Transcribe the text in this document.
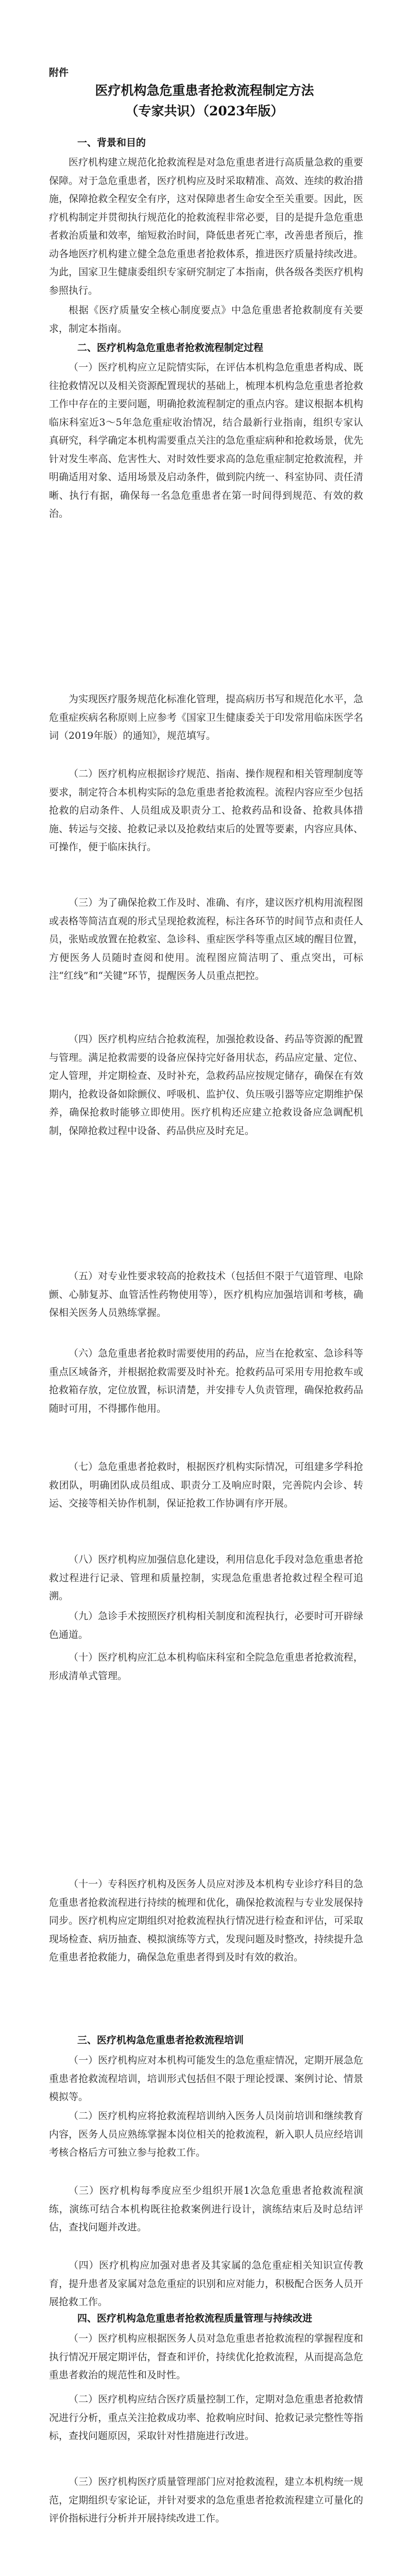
附件
医疗机构急危重患者抢救流程制定方法
（专家共识）（2023年版）
一、背景和目的

医疗机构建立规范化抢救流程是对急危重患者进行高质量急救的重要保障。对于急危重患者，医疗机构应及时采取精准、高效、连续的救治措施，保障抢救全程安全有序，这对保障患者生命安全至关重要。因此，医疗机构制定并贯彻执行规范化的抢救流程非常必要，目的是提升急危重患者救治质量和效率，缩短救治时间，降低患者死亡率，改善患者预后，推动各地医疗机构建立健全急危重患者抢救体系，推进医疗质量持续改进。为此，国家卫生健康委组织专家研究制定了本指南，供各级各类医疗机构参照执行。

根据《医疗质量安全核心制度要点》中急危重患者抢救制度有关要求，制定本指南。

二、医疗机构急危重患者抢救流程制定过程

（一）医疗机构应立足院情实际，在评估本机构急危重患者构成、既往抢救情况以及相关资源配置现状的基础上，梳理本机构急危重患者抢救工作中存在的主要问题，明确抢救流程制定的重点内容。建议根据本机构临床科室近3～5年急危重症收治情况，结合最新行业指南，组织专家认真研究，科学确定本机构需要重点关注的急危重症病种和抢救场景，优先针对发生率高、危害性大、对时效性要求高的急危重症制定抢救流程，并明确适用对象、适用场景及启动条件，做到院内统一、科室协同、责任清晰、执行有据，确保每一名急危重患者在第一时间得到规范、有效的救治。

为实现医疗服务规范化标准化管理，提高病历书写和规范化水平，急危重症疾病名称原则上应参考《国家卫生健康委关于印发常用临床医学名词（2019年版）的通知》，规范填写。

（二）医疗机构应根据诊疗规范、指南、操作规程和相关管理制度等要求，制定符合本机构实际的急危重患者抢救流程。流程内容应至少包括抢救的启动条件、人员组成及职责分工、抢救药品和设备、抢救具体措施、转运与交接、抢救记录以及抢救结束后的处置等要素，内容应具体、可操作，便于临床执行。

（三）为了确保抢救工作及时、准确、有序，建议医疗机构用流程图或表格等简洁直观的形式呈现抢救流程，标注各环节的时间节点和责任人员，张贴或放置在抢救室、急诊科、重症医学科等重点区域的醒目位置，方便医务人员随时查阅和使用。流程图应简洁明了、重点突出，可标注“红线”和“关键”环节，提醒医务人员重点把控。

（四）医疗机构应结合抢救流程，加强抢救设备、药品等资源的配置与管理。满足抢救需要的设备应保持完好备用状态，药品应定量、定位、定人管理，并定期检查、及时补充，急救药品应按规定储存，确保在有效期内，抢救设备如除颤仪、呼吸机、监护仪、负压吸引器等应定期维护保养，确保抢救时能够立即使用。医疗机构还应建立抢救设备应急调配机制，保障抢救过程中设备、药品供应及时充足。

（五）对专业性要求较高的抢救技术（包括但不限于气道管理、电除颤、心肺复苏、血管活性药物使用等），医疗机构应加强培训和考核，确保相关医务人员熟练掌握。

（六）急危重患者抢救时需要使用的药品，应当在抢救室、急诊科等重点区域备齐，并根据抢救需要及时补充。抢救药品可采用专用抢救车或抢救箱存放，定位放置，标识清楚，并安排专人负责管理，确保抢救药品随时可用，不得挪作他用。

（七）急危重患者抢救时，根据医疗机构实际情况，可组建多学科抢救团队，明确团队成员组成、职责分工及响应时限，完善院内会诊、转运、交接等相关协作机制，保证抢救工作协调有序开展。

（八）医疗机构应加强信息化建设，利用信息化手段对急危重患者抢救过程进行记录、管理和质量控制，实现急危重患者抢救过程全程可追溯。

（九）急诊手术按照医疗机构相关制度和流程执行，必要时可开辟绿色通道。

（十）医疗机构应汇总本机构临床科室和全院急危重患者抢救流程，形成清单式管理。

（十一）专科医疗机构及医务人员应对涉及本机构专业诊疗科目的急危重患者抢救流程进行持续的梳理和优化，确保抢救流程与专业发展保持同步。医疗机构应定期组织对抢救流程执行情况进行检查和评估，可采取现场检查、病历抽查、模拟演练等方式，发现问题及时整改，持续提升急危重患者抢救能力，确保急危重患者得到及时有效的救治。

三、医疗机构急危重患者抢救流程培训

（一）医疗机构应对本机构可能发生的急危重症情况，定期开展急危重患者抢救流程培训，培训形式包括但不限于理论授课、案例讨论、情景模拟等。

（二）医疗机构应将抢救流程培训纳入医务人员岗前培训和继续教育内容，医务人员应熟练掌握本岗位相关的抢救流程，新入职人员应经培训考核合格后方可独立参与抢救工作。

（三）医疗机构每季度应至少组织开展1次急危重患者抢救流程演练，演练可结合本机构既往抢救案例进行设计，演练结束后及时总结评估，查找问题并改进。

（四）医疗机构应加强对患者及其家属的急危重症相关知识宣传教育，提升患者及家属对急危重症的识别和应对能力，积极配合医务人员开展抢救工作。

四、医疗机构急危重患者抢救流程质量管理与持续改进

（一）医疗机构应根据医务人员对急危重患者抢救流程的掌握程度和执行情况开展定期评估，督查和评价，持续优化抢救流程，从而提高急危重患者救治的规范性和及时性。

（二）医疗机构应结合医疗质量控制工作，定期对急危重患者抢救情况进行分析，重点关注抢救成功率、抢救响应时间、抢救记录完整性等指标，查找问题原因，采取针对性措施进行改进。

（三）医疗机构医疗质量管理部门应对抢救流程，建立本机构统一规范，定期组织专家论证，并针对要求的急危重患者抢救流程建立可量化的评价指标进行分析并开展持续改进工作。
